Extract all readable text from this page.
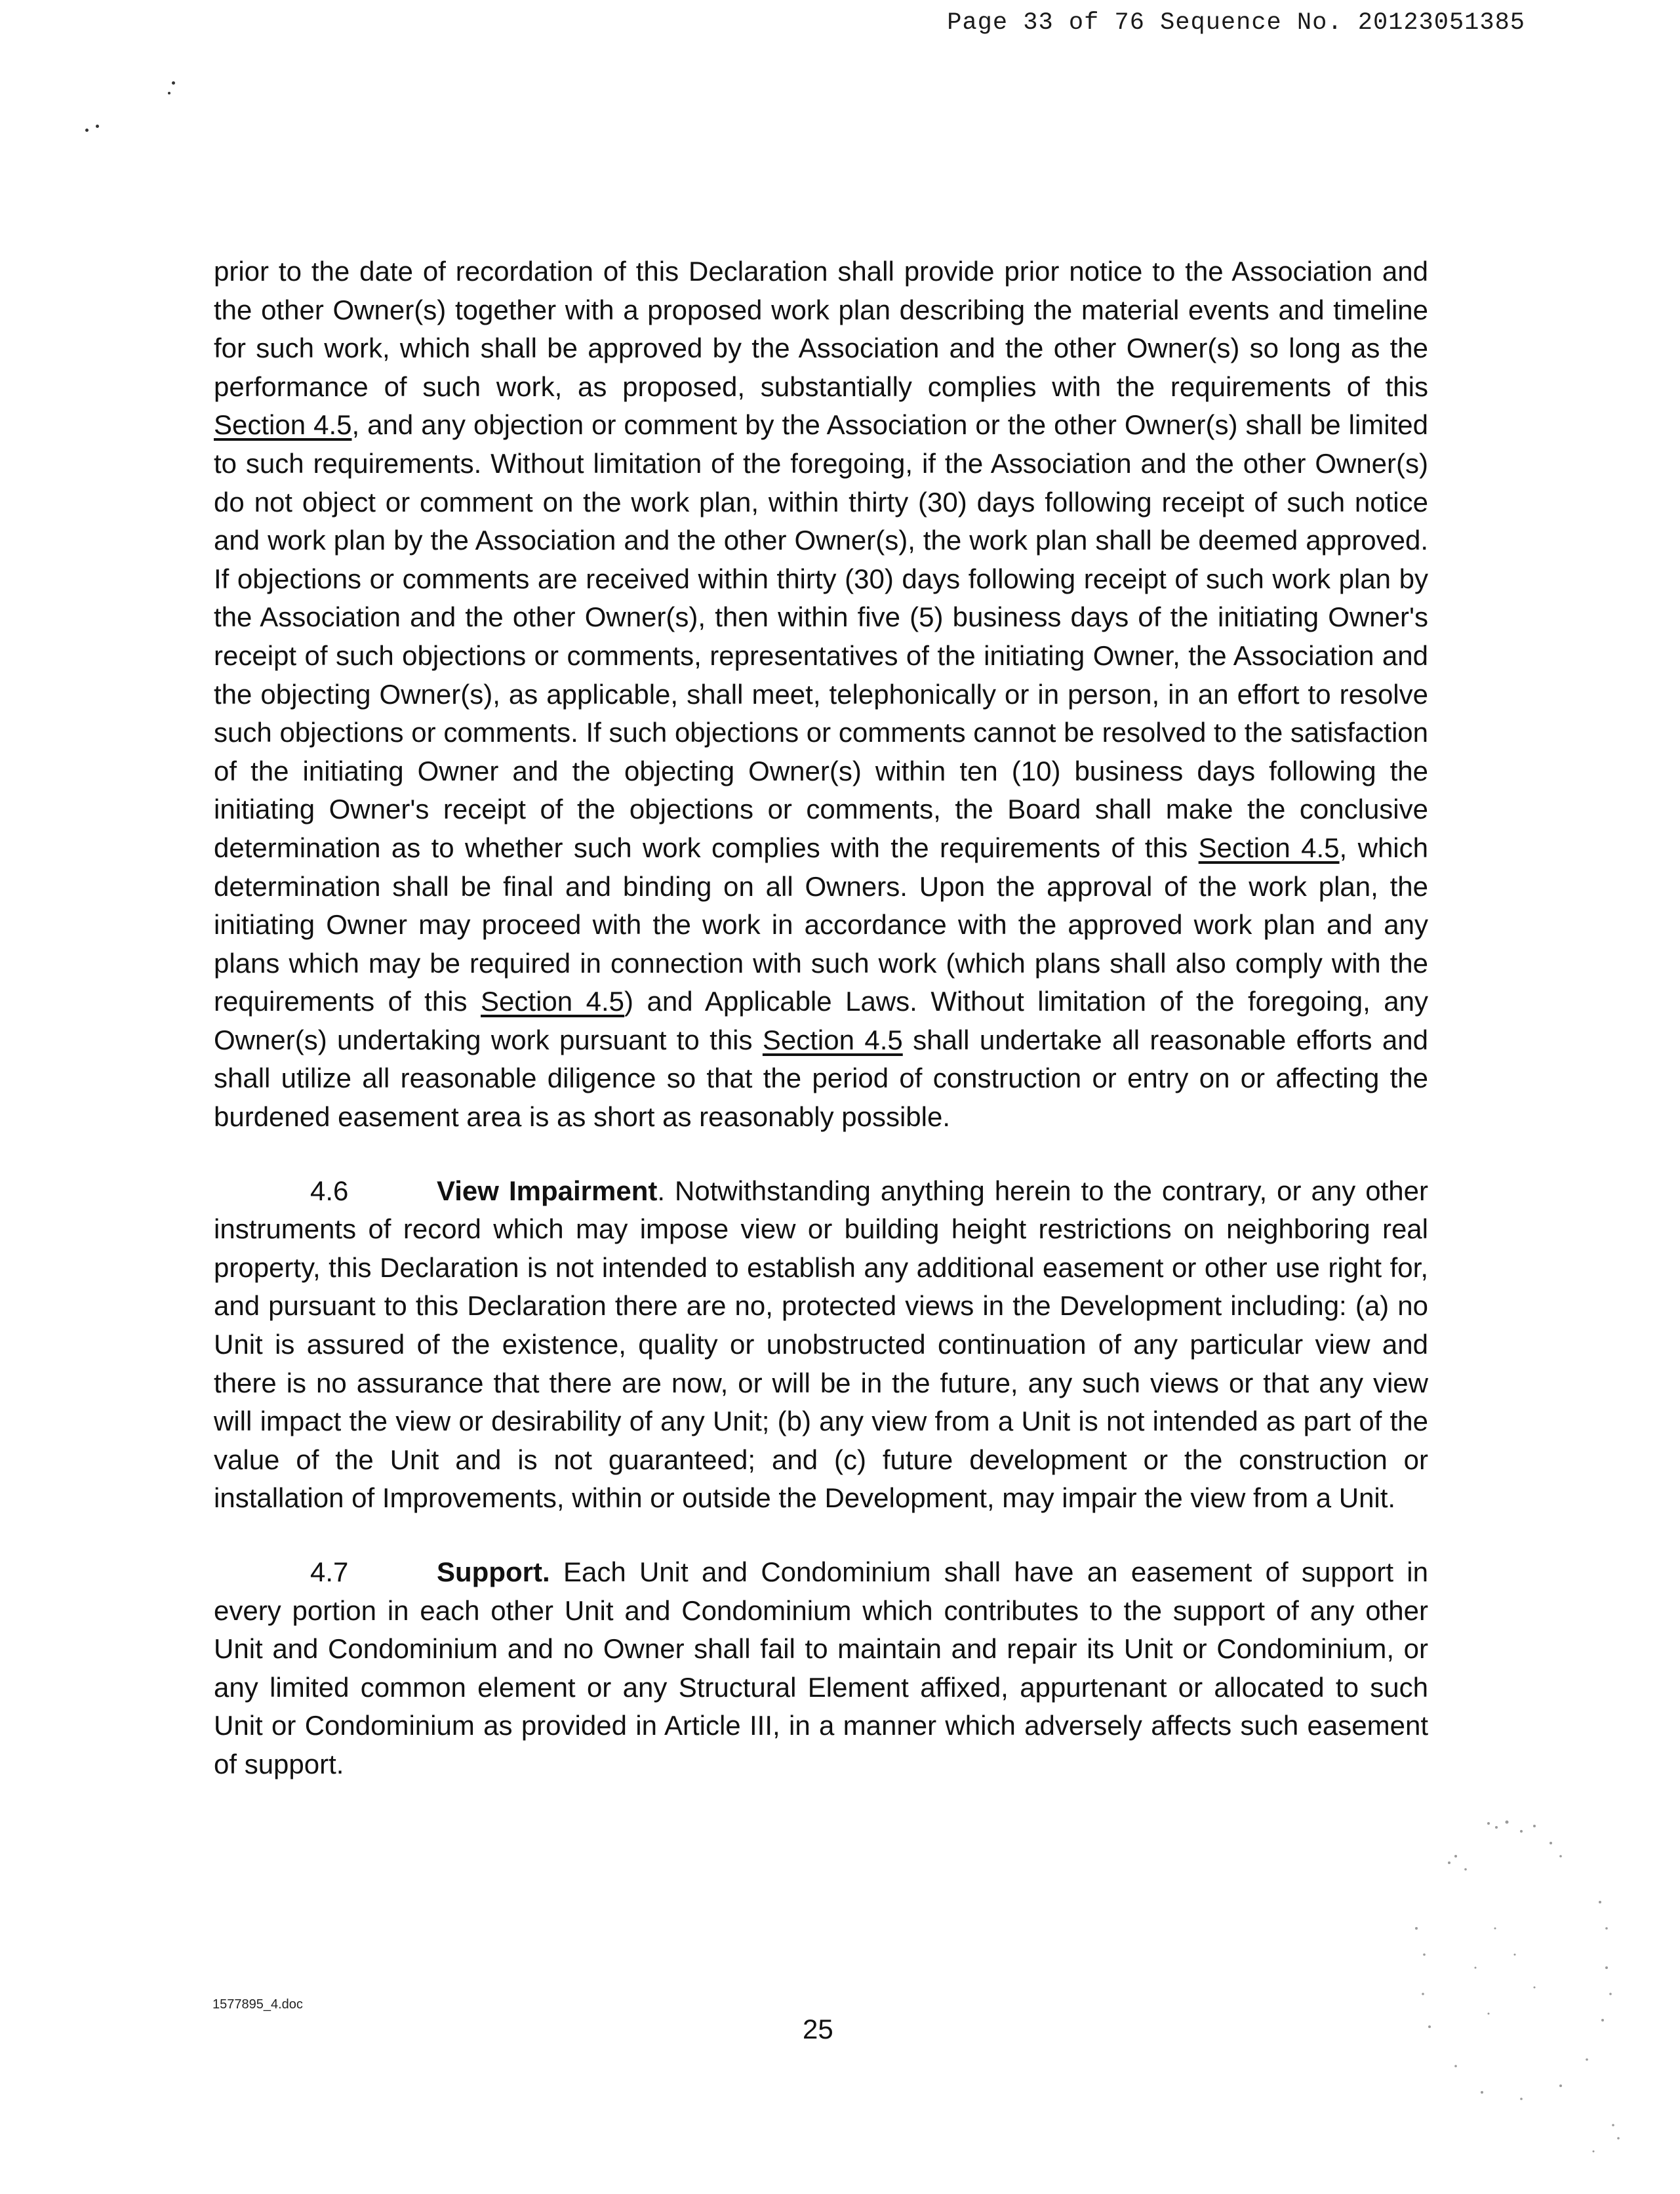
Page 33 of 76 Sequence No. 20123051385

prior to the date of recordation of this Declaration shall provide prior notice to the Association and the other Owner(s) together with a proposed work plan describing the material events and timeline for such work, which shall be approved by the Association and the other Owner(s) so long as the performance of such work, as proposed, substantially complies with the requirements of this Section 4.5, and any objection or comment by the Association or the other Owner(s) shall be limited to such requirements. Without limitation of the foregoing, if the Association and the other Owner(s) do not object or comment on the work plan, within thirty (30) days following receipt of such notice and work plan by the Association and the other Owner(s), the work plan shall be deemed approved. If objections or comments are received within thirty (30) days following receipt of such work plan by the Association and the other Owner(s), then within five (5) business days of the initiating Owner's receipt of such objections or comments, representatives of the initiating Owner, the Association and the objecting Owner(s), as applicable, shall meet, telephonically or in person, in an effort to resolve such objections or comments. If such objections or comments cannot be resolved to the satisfaction of the initiating Owner and the objecting Owner(s) within ten (10) business days following the initiating Owner's receipt of the objections or comments, the Board shall make the conclusive determination as to whether such work complies with the requirements of this Section 4.5, which determination shall be final and binding on all Owners. Upon the approval of the work plan, the initiating Owner may proceed with the work in accordance with the approved work plan and any plans which may be required in connection with such work (which plans shall also comply with the requirements of this Section 4.5) and Applicable Laws. Without limitation of the foregoing, any Owner(s) undertaking work pursuant to this Section 4.5 shall undertake all reasonable efforts and shall utilize all reasonable diligence so that the period of construction or entry on or affecting the burdened easement area is as short as reasonably possible.

4.6	View Impairment. Notwithstanding anything herein to the contrary, or any other instruments of record which may impose view or building height restrictions on neighboring real property, this Declaration is not intended to establish any additional easement or other use right for, and pursuant to this Declaration there are no, protected views in the Development including: (a) no Unit is assured of the existence, quality or unobstructed continuation of any particular view and there is no assurance that there are now, or will be in the future, any such views or that any view will impact the view or desirability of any Unit; (b) any view from a Unit is not intended as part of the value of the Unit and is not guaranteed; and (c) future development or the construction or installation of Improvements, within or outside the Development, may impair the view from a Unit.

4.7	Support. Each Unit and Condominium shall have an easement of support in every portion in each other Unit and Condominium which contributes to the support of any other Unit and Condominium and no Owner shall fail to maintain and repair its Unit or Condominium, or any limited common element or any Structural Element affixed, appurtenant or allocated to such Unit or Condominium as provided in Article III, in a manner which adversely affects such easement of support.

1577895_4.doc
25
